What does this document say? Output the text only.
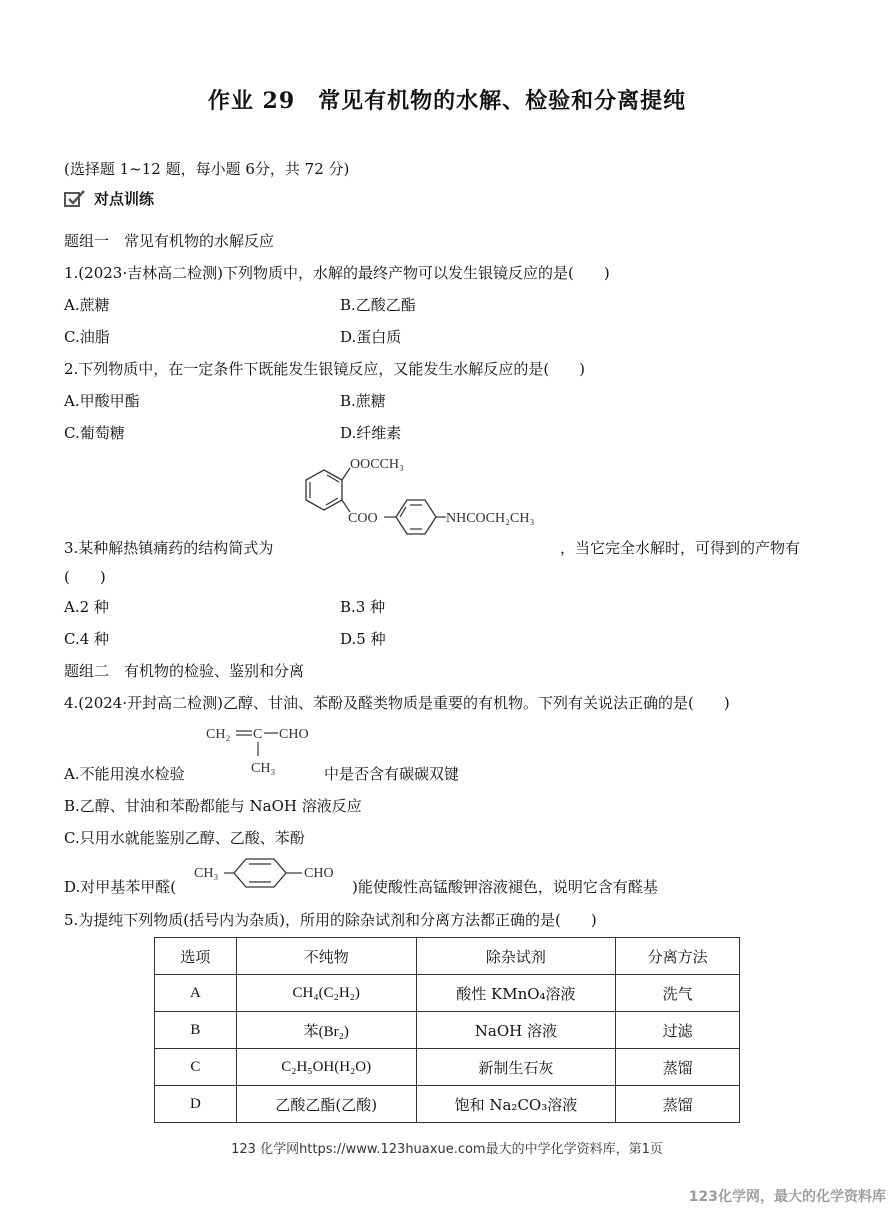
作业 29　常见有机物的水解、检验和分离提纯
(选择题 1~12 题，每小题 6分，共 72 分)
对点训练
题组一　常见有机物的水解反应
1.(2023·吉林高二检测)下列物质中，水解的最终产物可以发生银镜反应的是(　　)
A.蔗糖	B.乙酸乙酯
C.油脂	D.蛋白质
2.下列物质中，在一定条件下既能发生银镜反应，又能发生水解反应的是(　　)
A.甲酸甲酯	B.蔗糖
C.葡萄糖	D.纤维素
OOCCH₃
COO	NHCOCH₂CH₃
3.某种解热镇痛药的结构简式为	，当它完全水解时，可得到的产物有
(　　)
A.2 种	B.3 种
C.4 种	D.5 种
题组二　有机物的检验、鉴别和分离
4.(2024·开封高二检测)乙醇、甘油、苯酚及醛类物质是重要的有机物。下列有关说法正确的是(　　)
CH₂ C CHO
CH₃
A.不能用溴水检验	中是否含有碳碳双键
B.乙醇、甘油和苯酚都能与 NaOH 溶液反应
C.只用水就能鉴别乙醇、乙酸、苯酚
D.对甲基苯甲醛(
CH₃	CHO
)能使酸性高锰酸钾溶液褪色，说明它含有醛基
5.为提纯下列物质(括号内为杂质)，所用的除杂试剂和分离方法都正确的是(　　)
选项	不纯物	除杂试剂	分离方法
A	CH₄(C₂H₂)	酸性 KMnO₄溶液	洗气
B	苯(Br₂)	NaOH 溶液	过滤
C	C₂H₅OH(H₂O)	新制生石灰	蒸馏
D	乙酸乙酯(乙酸)	饱和 Na₂CO₃溶液	蒸馏
123 化学网https://www.123huaxue.com最大的中学化学资料库，第1页
123化学网，最大的化学资料库
